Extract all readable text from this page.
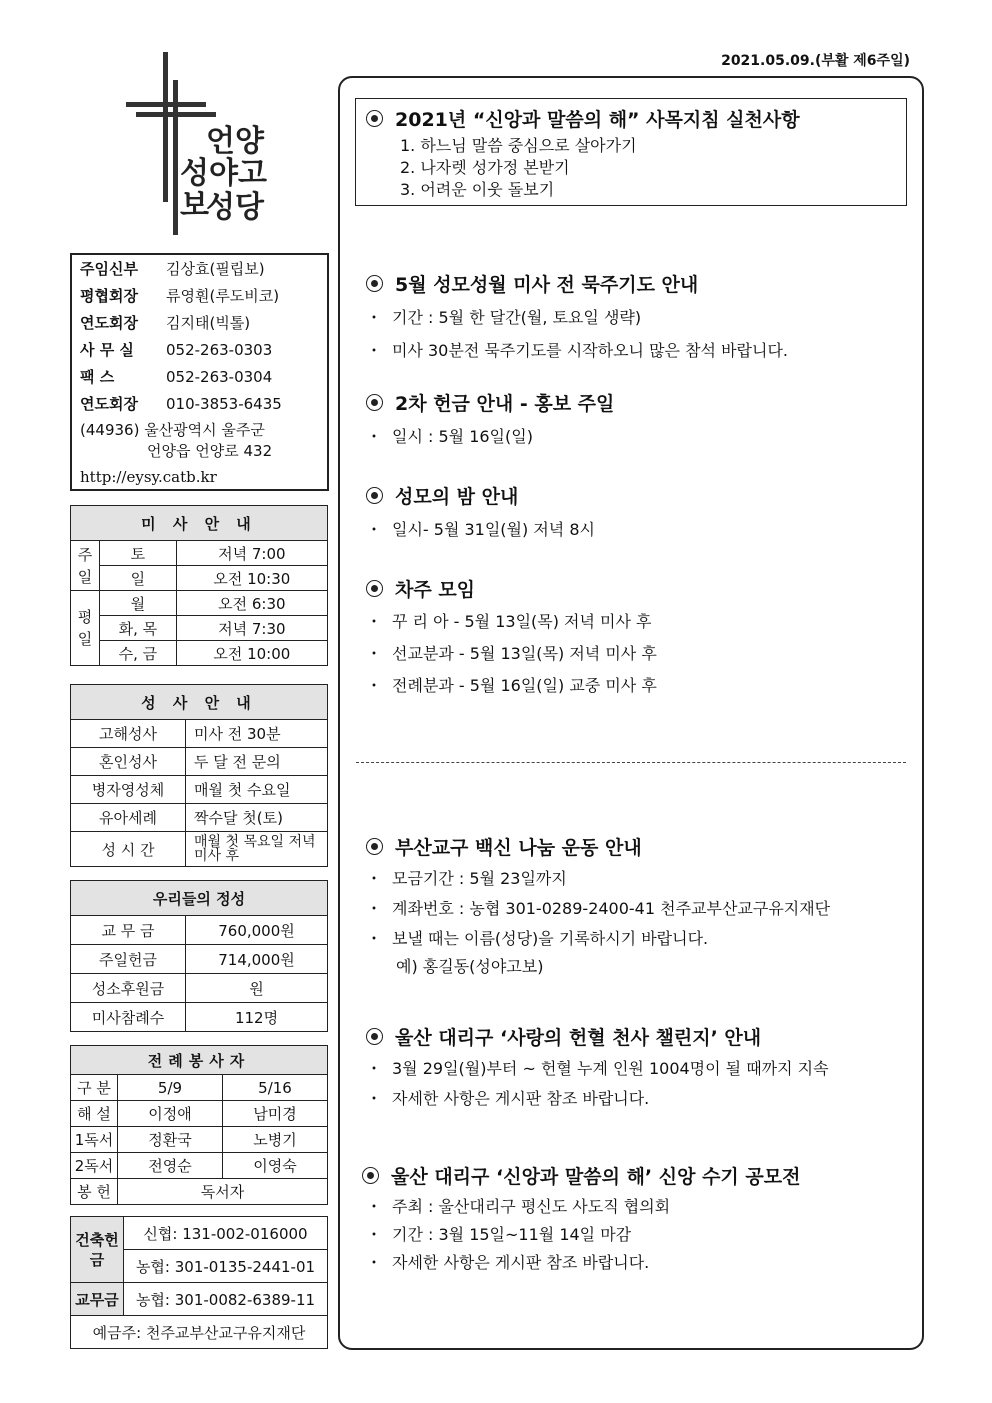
2021.05.09.(부활 제6주일)
언양
성야고보
성당
주임신부 김상효(필립보)
평협회장 류영훤(루도비코)
연도회장 김지태(빅톨)
사 무 실 052-263-0303
팩 스	052-263-0304
연도회장 010-3853-6435
(44936) 울산광역시 울주군
언양읍 언양로 432
http://eysy.catb.kr
미 사 안 내		
주일	토	저녁 7:00
	일	오전 10:30
평일	월	오전 6:30
	화, 목	저녁 7:30
	수, 금	오전 10:00
성 사 안 내	
고해성사	미사 전 30분
혼인성사	두 달 전 문의
병자영성체	매월 첫 수요일
유아세례	짝수달 첫(토)
성 시 간	매월 첫 목요일 저녁미사 후
우리들의 정성	
교 무 금	760,000원
주일헌금	714,000원
성소후원금	원
미사참례수	112명
전례봉사자		
구 분	5/9	5/16
해 설	이정애	남미경
1독서	정환국	노병기
2독서	전영순	이영숙
봉 헌	독서자	
건축헌금	신협: 131-002-016000
	농협: 301-0135-2441-01
교무금	농협: 301-0082-6389-11
예금주: 천주교부산교구유지재단	
2021년 “신앙과 말씀의 해” 사목지침 실천사항
1. 하느님 말씀 중심으로 살아가기
2. 나자렛 성가정 본받기
3. 어려운 이웃 돌보기
5월 성모성월 미사 전 묵주기도 안내
・ 기간 : 5월 한 달간(월, 토요일 생략)
・ 미사 30분전 묵주기도를 시작하오니 많은 참석 바랍니다.
2차 헌금 안내 - 홍보 주일
・ 일시 : 5월 16일(일)
성모의 밤 안내
・ 일시- 5월 31일(월) 저녁 8시
차주 모임
・ 꾸 리 아 - 5월 13일(목) 저녁 미사 후
・ 선교분과 - 5월 13일(목) 저녁 미사 후
・ 전례분과 - 5월 16일(일) 교중 미사 후
부산교구 백신 나눔 운동 안내
・ 모금기간 : 5월 23일까지
・ 계좌번호 : 농협 301-0289-2400-41 천주교부산교구유지재단
・ 보낼 때는 이름(성당)을 기록하시기 바랍니다.
예) 홍길동(성야고보)
울산 대리구 ‘사랑의 헌혈 천사 챌린지’ 안내
・ 3월 29일(월)부터 ~ 헌혈 누계 인원 1004명이 될 때까지 지속
・ 자세한 사항은 게시판 참조 바랍니다.
울산 대리구 ‘신앙과 말씀의 해’ 신앙 수기 공모전
・ 주최 : 울산대리구 평신도 사도직 협의회
・ 기간 : 3월 15일~11월 14일 마감
・ 자세한 사항은 게시판 참조 바랍니다.
